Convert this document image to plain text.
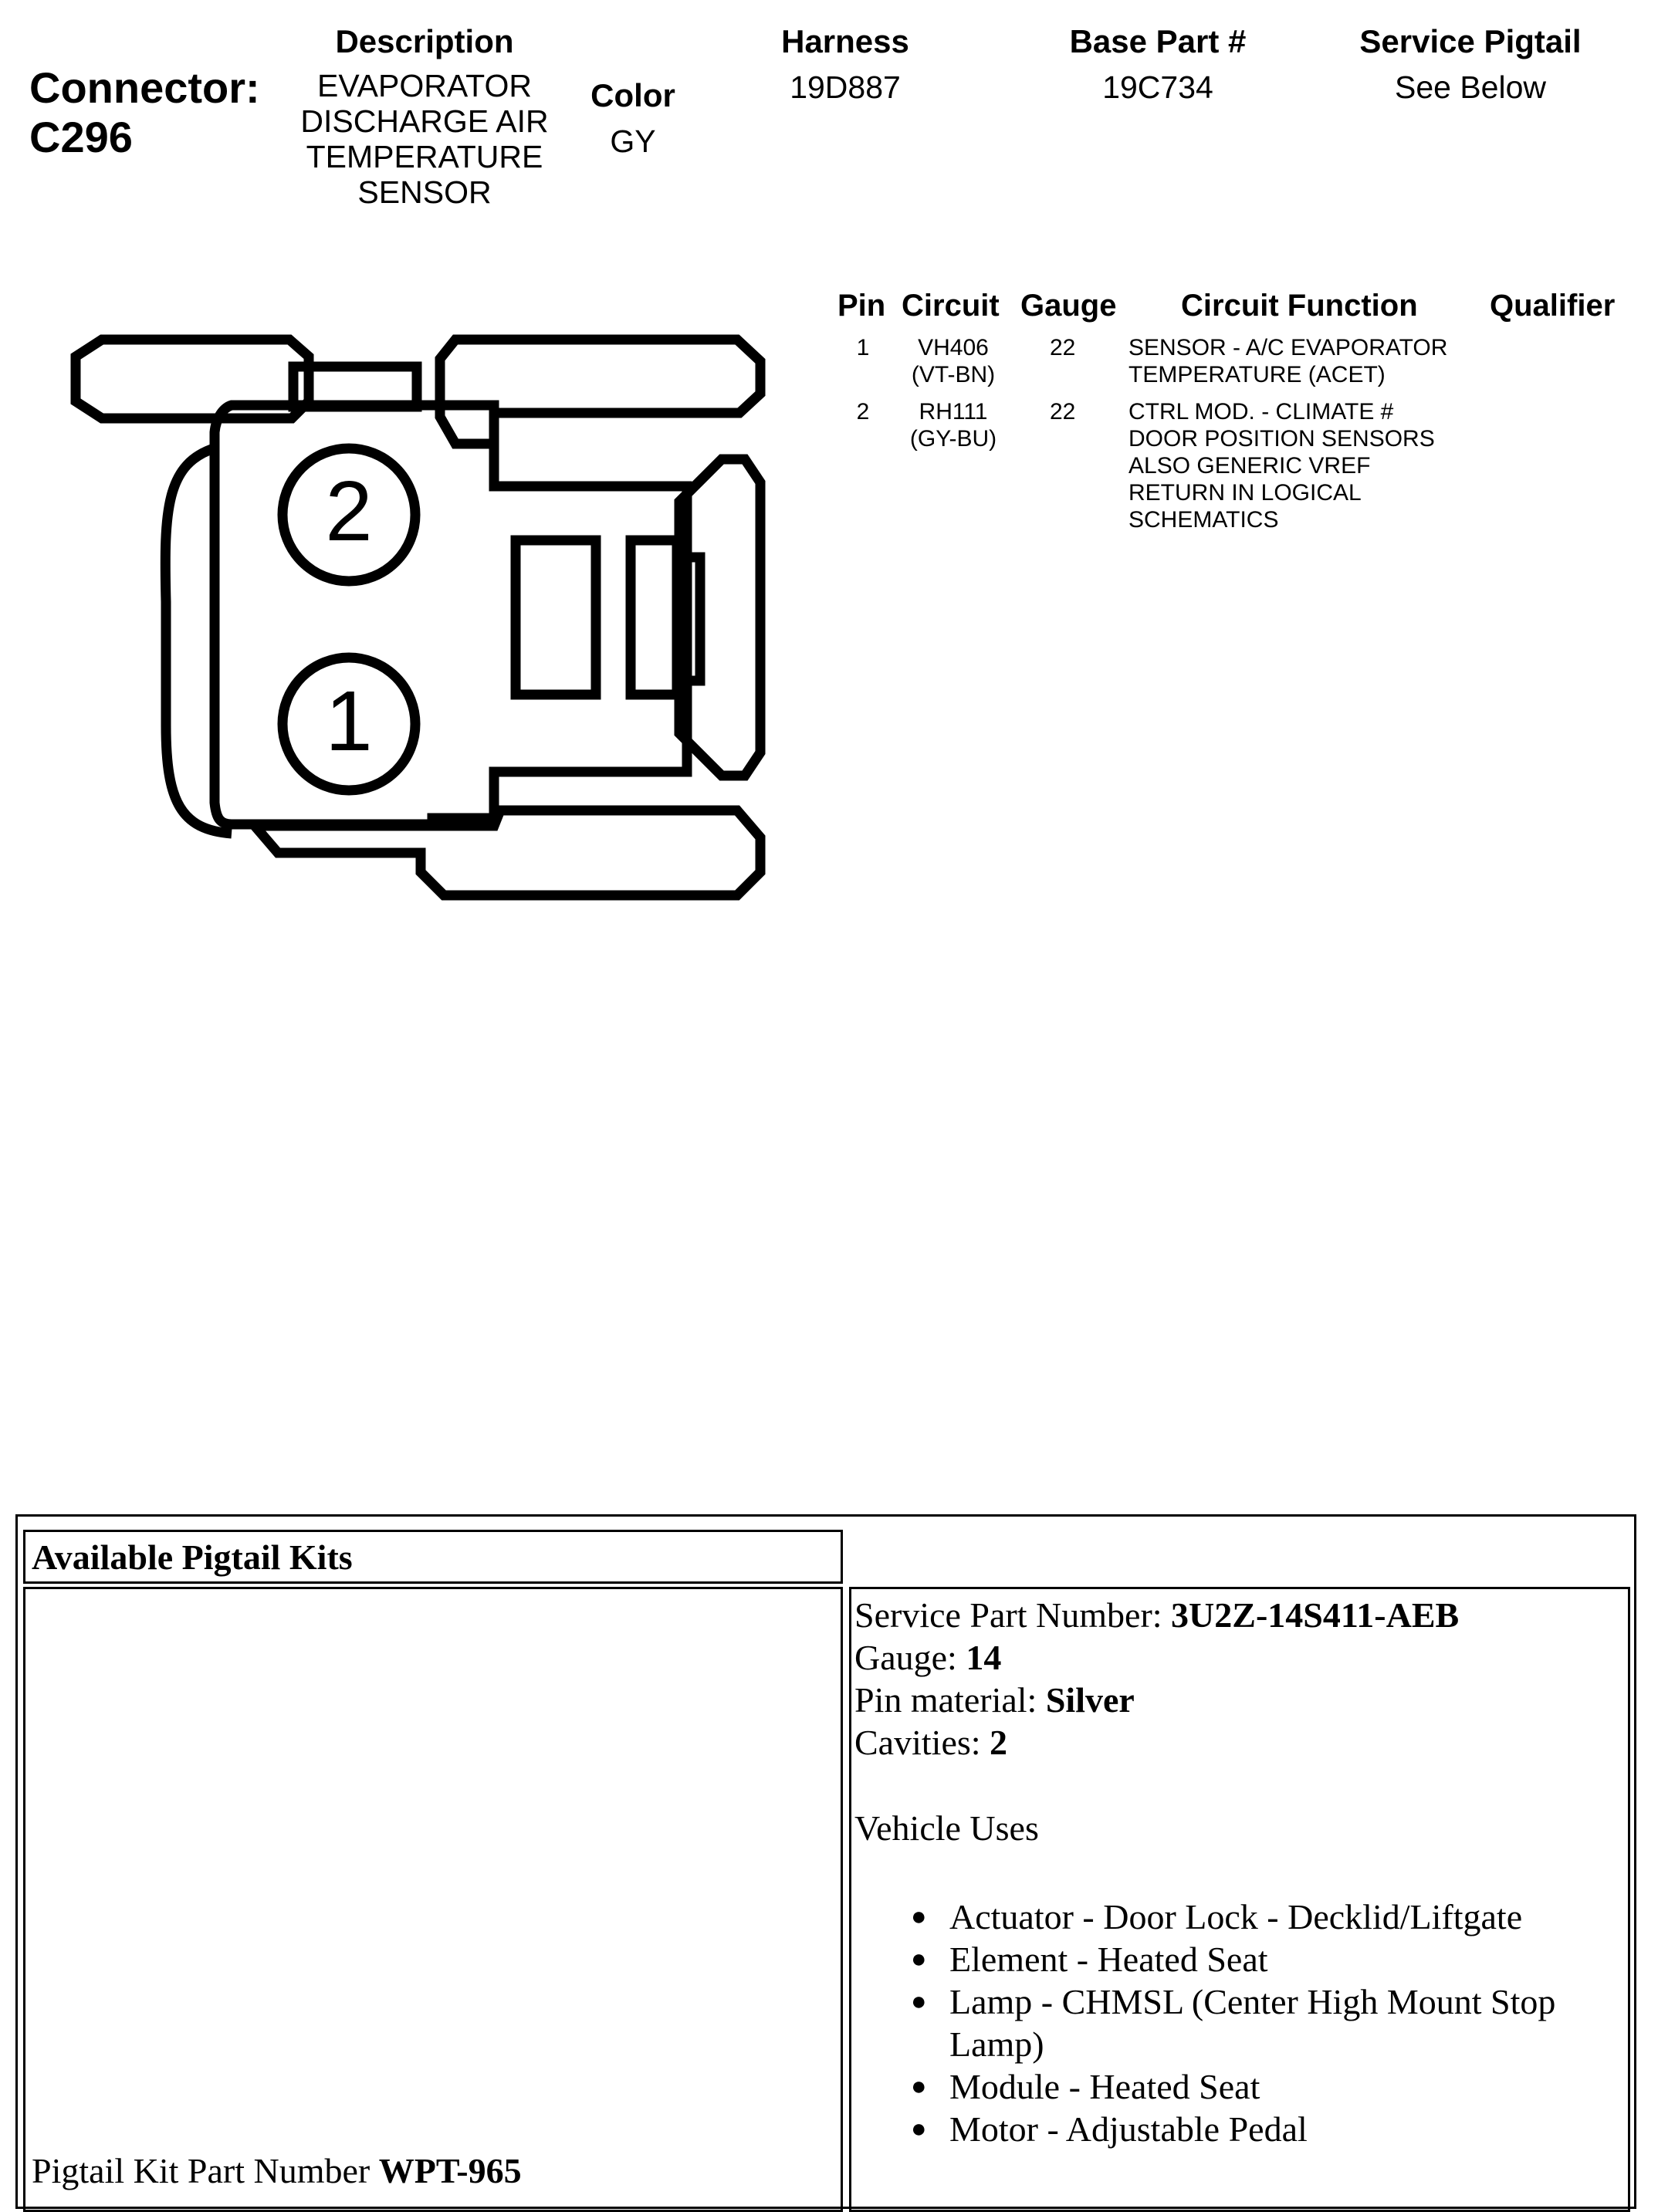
Connector:
C296
Description
EVAPORATOR
DISCHARGE AIR
TEMPERATURE
SENSOR
Color
GY
Harness
19D887
Base Part #
19C734
Service Pigtail
See Below
2
1
Pin Circuit Gauge Circuit Function Qualifier
1	VH406
(VT-BN)
22 SENSOR - A/C EVAPORATOR
TEMPERATURE (ACET)
2	RH111
(GY-BU)
22 CTRL MOD. - CLIMATE #
DOOR POSITION SENSORS
ALSO GENERIC VREF
RETURN IN LOGICAL
SCHEMATICS
Available Pigtail Kits
Pigtail Kit Part Number WPT-965
Service Part Number: 3U2Z-14S411-AEB
Gauge: 14
Pin material: Silver
Cavities: 2
Vehicle Uses
● Actuator - Door Lock - Decklid/Liftgate
● Element - Heated Seat
● Lamp - CHMSL (Center High Mount Stop
Lamp)
● Module - Heated Seat
● Motor - Adjustable Pedal
